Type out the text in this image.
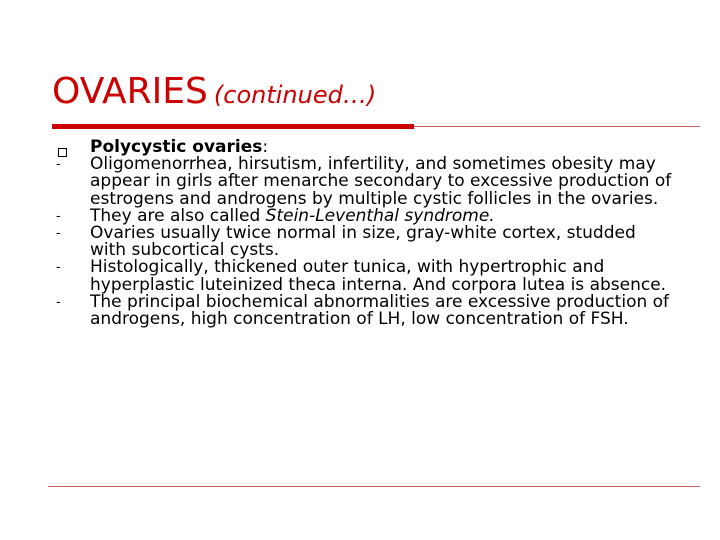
OVARIES (continued…)
Polycystic ovaries:
-	Oligomenorrhea, hirsutism, infertility, and sometimes obesity may appear in girls after menarche secondary to excessive production of estrogens and androgens by multiple cystic follicles in the ovaries.
-	They are also called Stein-Leventhal syndrome.
-	Ovaries usually twice normal in size, gray-white cortex, studded with subcortical cysts.
-	Histologically, thickened outer tunica, with hypertrophic and hyperplastic luteinized theca interna. And corpora lutea is absence.
-	The principal biochemical abnormalities are excessive production of androgens, high concentration of LH, low concentration of FSH.
